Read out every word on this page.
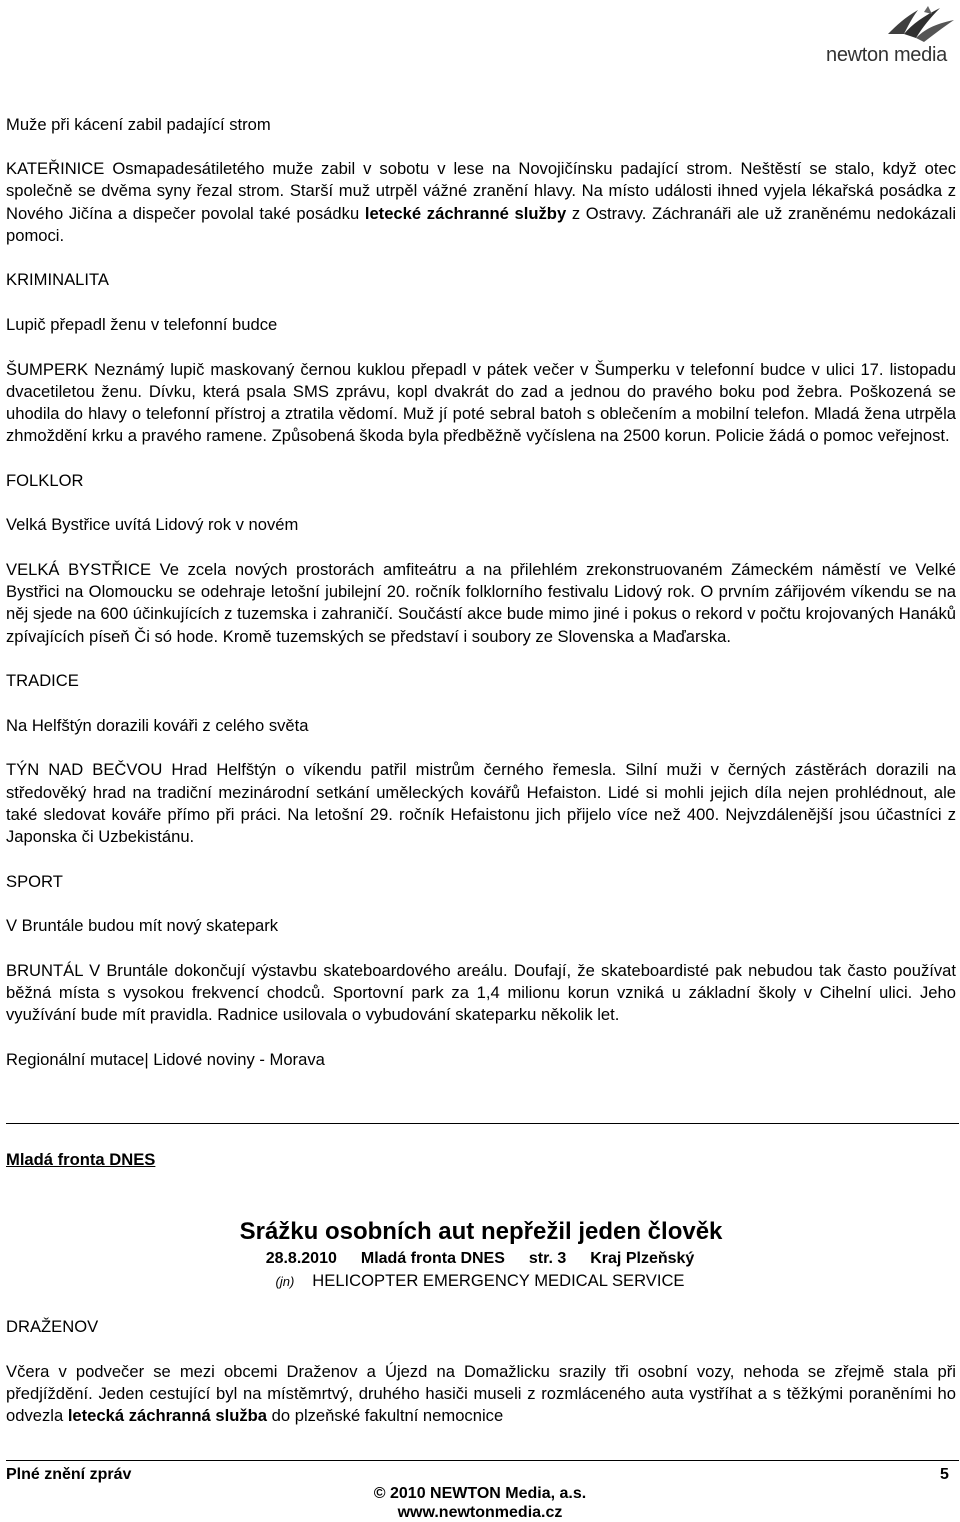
newton media

Muže při kácení zabil padající strom

KATEŘINICE Osmapadesátiletého muže zabil v sobotu v lese na Novojičínsku padající strom. Neštěstí se stalo, když otec společně se dvěma syny řezal strom. Starší muž utrpěl vážné zranění hlavy. Na místo události ihned vyjela lékařská posádka z Nového Jičína a dispečer povolal také posádku letecké záchranné služby z Ostravy. Záchranáři ale už zraněnému nedokázali pomoci.

KRIMINALITA

Lupič přepadl ženu v telefonní budce

ŠUMPERK Neznámý lupič maskovaný černou kuklou přepadl v pátek večer v Šumperku v telefonní budce v ulici 17. listopadu dvacetiletou ženu. Dívku, která psala SMS zprávu, kopl dvakrát do zad a jednou do pravého boku pod žebra. Poškozená se uhodila do hlavy o telefonní přístroj a ztratila vědomí. Muž jí poté sebral batoh s oblečením a mobilní telefon. Mladá žena utrpěla zhmoždění krku a pravého ramene. Způsobená škoda byla předběžně vyčíslena na 2500 korun. Policie žádá o pomoc veřejnost.

FOLKLOR

Velká Bystřice uvítá Lidový rok v novém

VELKÁ BYSTŘICE Ve zcela nových prostorách amfiteátru a na přilehlém zrekonstruovaném Zámeckém náměstí ve Velké Bystřici na Olomoucku se odehraje letošní jubilejní 20. ročník folklorního festivalu Lidový rok. O prvním zářijovém víkendu se na něj sjede na 600 účinkujících z tuzemska i zahraničí. Součástí akce bude mimo jiné i pokus o rekord v počtu krojovaných Hanáků zpívajících píseň Či só hode. Kromě tuzemských se představí i soubory ze Slovenska a Maďarska.

TRADICE

Na Helfštýn dorazili kováři z celého světa

TÝN NAD BEČVOU Hrad Helfštýn o víkendu patřil mistrům černého řemesla. Silní muži v černých zástěrách dorazili na středověký hrad na tradiční mezinárodní setkání uměleckých kovářů Hefaiston. Lidé si mohli jejich díla nejen prohlédnout, ale také sledovat kováře přímo při práci. Na letošní 29. ročník Hefaistonu jich přijelo více než 400. Nejvzdálenější jsou účastníci z Japonska či Uzbekistánu.

SPORT

V Bruntále budou mít nový skatepark

BRUNTÁL V Bruntále dokončují výstavbu skateboardového areálu. Doufají, že skateboardisté pak nebudou tak často používat běžná místa s vysokou frekvencí chodců. Sportovní park za 1,4 milionu korun vzniká u základní školy v Cihelní ulici. Jeho využívání bude mít pravidla. Radnice usilovala o vybudování skateparku několik let.

Regionální mutace| Lidové noviny - Morava

Mladá fronta DNES
Srážku osobních aut nepřežil jeden člověk
28.8.2010 Mladá fronta DNES str. 3 Kraj Plzeňský
(jn) HELICOPTER EMERGENCY MEDICAL SERVICE
DRAŽENOV
Včera v podvečer se mezi obcemi Draženov a Újezd na Domažlicku srazily tři osobní vozy, nehoda se zřejmě stala při předjíždění. Jeden cestující byl na místěmrtvý, druhého hasiči museli z rozmláceného auta vystříhat a s těžkými poraněními ho odvezla letecká záchranná služba do plzeňské fakultní nemocnice
Plné znění zpráv	5
© 2010 NEWTON Media, a.s.
www.newtonmedia.cz
